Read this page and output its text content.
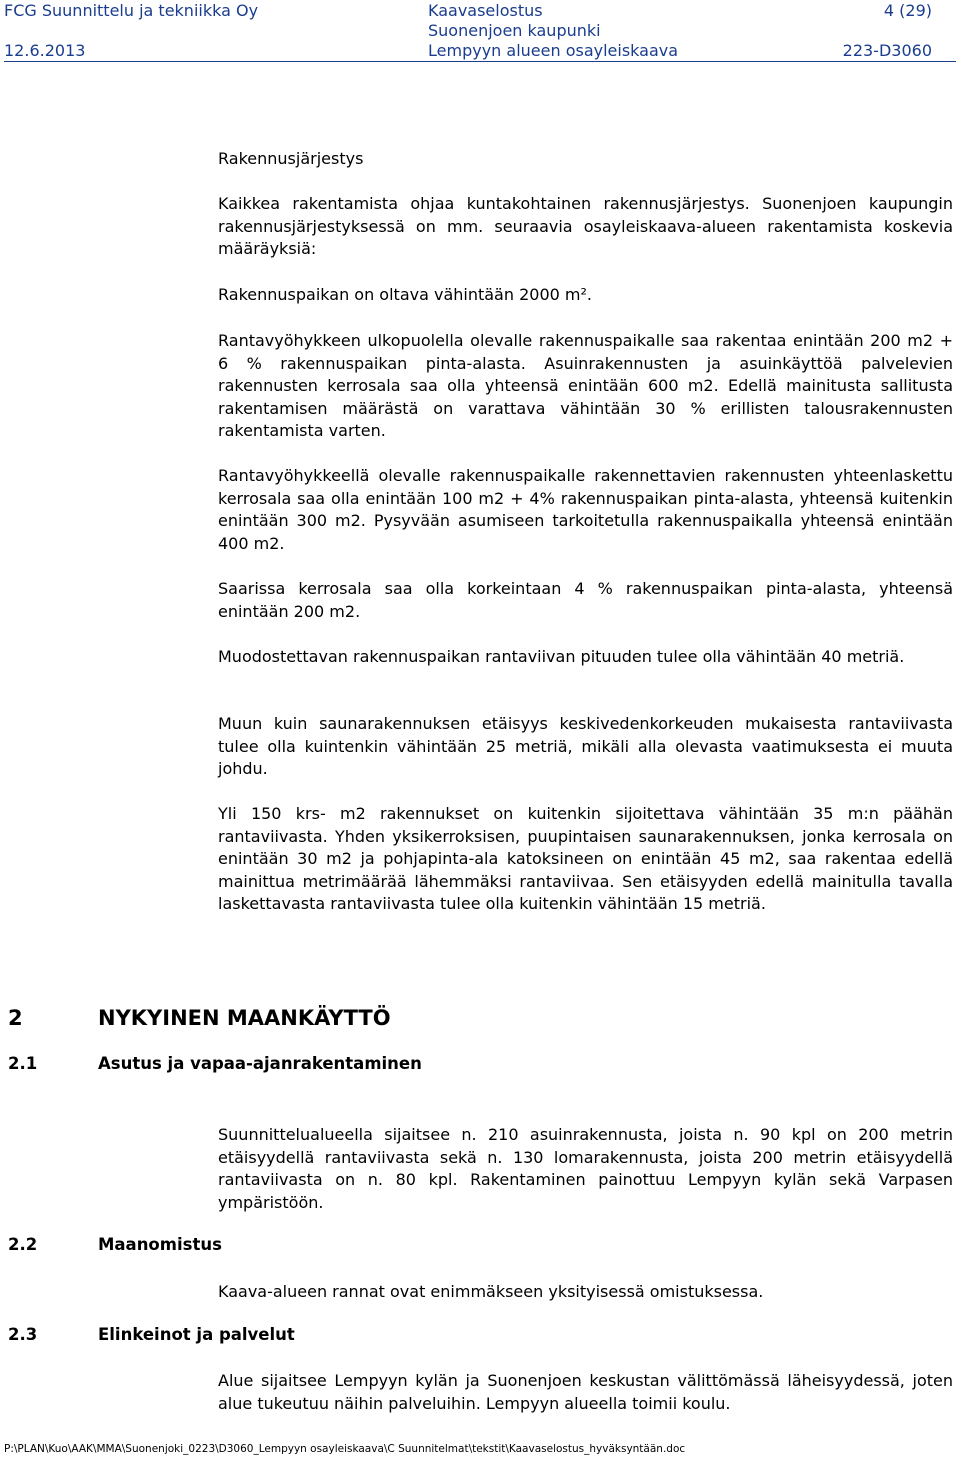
FCG Suunnittelu ja tekniikka Oy
12.6.2013
Kaavaselostus
Suonenjoen kaupunki
Lempyyn alueen osayleiskaava
4 (29)
223-D3060
Rakennusjärjestys

Kaikkea rakentamista ohjaa kuntakohtainen rakennusjärjestys. Suonenjoen kaupungin rakennusjärjestyksessä on mm. seuraavia osayleiskaava-alueen rakentamista koskevia määräyksiä:

Rakennuspaikan on oltava vähintään 2000 m².

Rantavyöhykkeen ulkopuolella olevalle rakennuspaikalle saa rakentaa enintään 200 m2 + 6 % rakennuspaikan pinta-alasta. Asuinrakennusten ja asuinkäyttöä palvelevien rakennusten kerrosala saa olla yhteensä enintään 600 m2. Edellä mainitusta sallitusta rakentamisen määrästä on varattava vähintään 30 % erillisten talousrakennusten rakentamista varten.

Rantavyöhykkeellä olevalle rakennuspaikalle rakennettavien rakennusten yhteenlaskettu kerrosala saa olla enintään 100 m2 + 4% rakennuspaikan pinta-alasta, yhteensä kuitenkin enintään 300 m2. Pysyvään asumiseen tarkoitetulla rakennuspaikalla yhteensä enintään 400 m2.

Saarissa kerrosala saa olla korkeintaan 4 % rakennuspaikan pinta-alasta, yhteensä enintään 200 m2.

Muodostettavan rakennuspaikan rantaviivan pituuden tulee olla vähintään 40 metriä.

Muun kuin saunarakennuksen etäisyys keskivedenkorkeuden mukaisesta rantaviivasta tulee olla kuintenkin vähintään 25 metriä, mikäli alla olevasta vaatimuksesta ei muuta johdu.

Yli 150 krs- m2 rakennukset on kuitenkin sijoitettava vähintään 35 m:n päähän rantaviivasta. Yhden yksikerroksisen, puupintaisen saunarakennuksen, jonka kerrosala on enintään 30 m2 ja pohjapinta-ala katoksineen on enintään 45 m2, saa rakentaa edellä mainittua metrimäärää lähemmäksi rantaviivaa. Sen etäisyyden edellä mainitulla tavalla laskettavasta rantaviivasta tulee olla kuitenkin vähintään 15 metriä.

2	NYKYINEN MAANKÄYTTÖ
2.1	Asutus ja vapaa-ajanrakentaminen

Suunnittelualueella sijaitsee n. 210 asuinrakennusta, joista n. 90 kpl on 200 metrin etäisyydellä rantaviivasta sekä n. 130 lomarakennusta, joista 200 metrin etäisyydellä rantaviivasta on n. 80 kpl. Rakentaminen painottuu Lempyyn kylän sekä Varpasen ympäristöön.

2.2	Maanomistus

Kaava-alueen rannat ovat enimmäkseen yksityisessä omistuksessa.

2.3	Elinkeinot ja palvelut

Alue sijaitsee Lempyyn kylän ja Suonenjoen keskustan välittömässä läheisyydessä, joten alue tukeutuu näihin palveluihin. Lempyyn alueella toimii koulu.

P:\PLAN\Kuo\AAK\MMA\Suonenjoki_0223\D3060_Lempyyn osayleiskaava\C Suunnitelmat\tekstit\Kaavaselostus_hyväksyntään.doc
